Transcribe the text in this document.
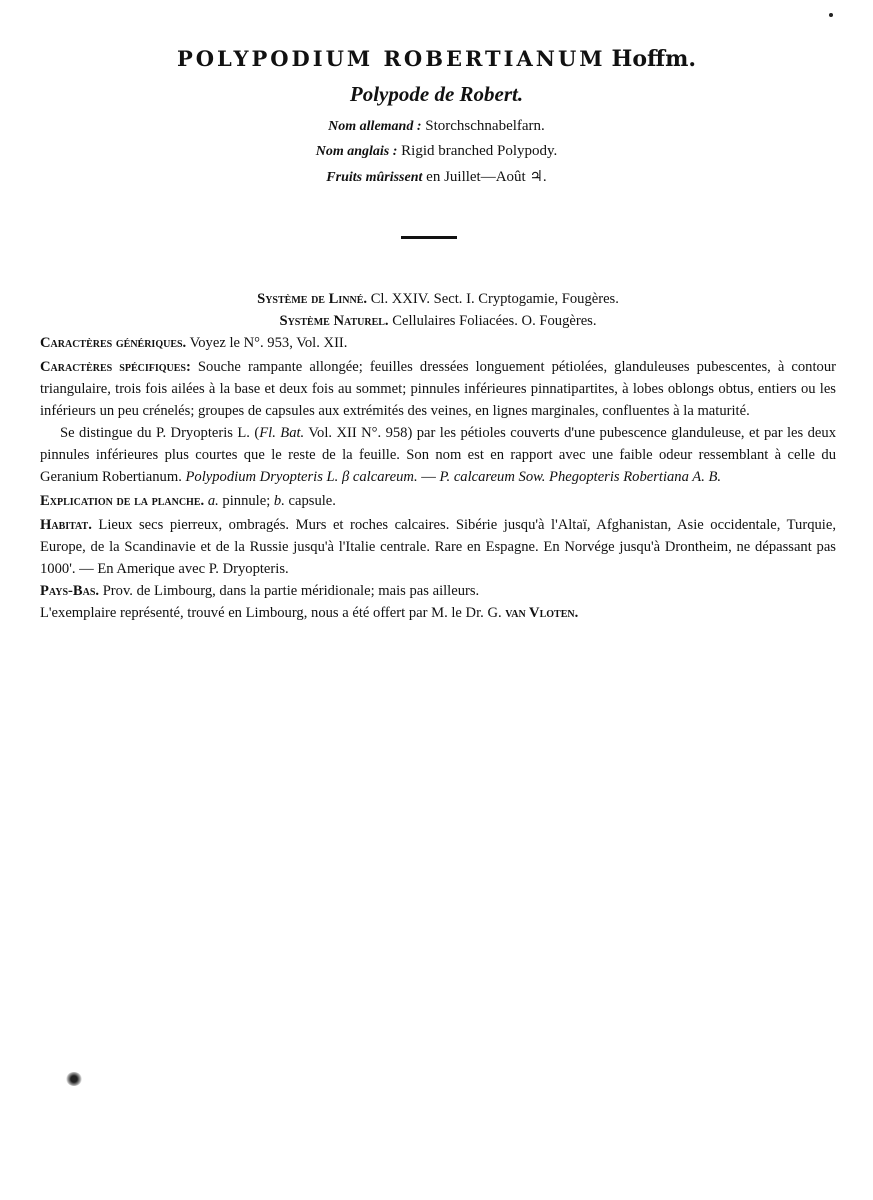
POLYPODIUM ROBERTIANUM Hoffm.
Polypode de Robert.
Nom allemand : Storchschnabelfarn.
Nom anglais : Rigid branched Polypody.
Fruits mûrissent en Juillet—Août ♃.
Système de Linné. Cl. XXIV. Sect. I. Cryptogamie, Fougères.
Système Naturel. Cellulaires Foliacées. O. Fougères.

Caractères génériques. Voyez le N°. 953, Vol. XII.

Caractères spécifiques: Souche rampante allongée; feuilles dressées longuement pétiolées, glanduleuses pubescentes, à contour triangulaire, trois fois ailées à la base et deux fois au sommet; pinnules inférieures pinnatipartites, à lobes oblongs obtus, entiers ou les inférieurs un peu crénelés; groupes de capsules aux extrémités des veines, en lignes marginales, confluentes à la maturité.

Se distingue du P. Dryopteris L. (Fl. Bat. Vol. XII N°. 958) par les pétioles couverts d'une pubescence glanduleuse, et par les deux pinnules inférieures plus courtes que le reste de la feuille. Son nom est en rapport avec une faible odeur ressemblant à celle du Geranium Robertianum. Polypodium Dryopteris L. β calcareum. — P. calcareum Sow. Phegopteris Robertiana A. B.

Explication de la planche. a. pinnule; b. capsule.

Habitat. Lieux secs pierreux, ombragés. Murs et roches calcaires. Sibérie jusqu'à l'Altaï, Afghanistan, Asie occidentale, Turquie, Europe, de la Scandinavie et de la Russie jusqu'à l'Italie centrale. Rare en Espagne. En Norvége jusqu'à Drontheim, ne dépassant pas 1000'. — En Amerique avec P. Dryopteris.

Pays-Bas. Prov. de Limbourg, dans la partie méridionale; mais pas ailleurs.

L'exemplaire représenté, trouvé en Limbourg, nous a été offert par M. le Dr. G. van Vloten.
